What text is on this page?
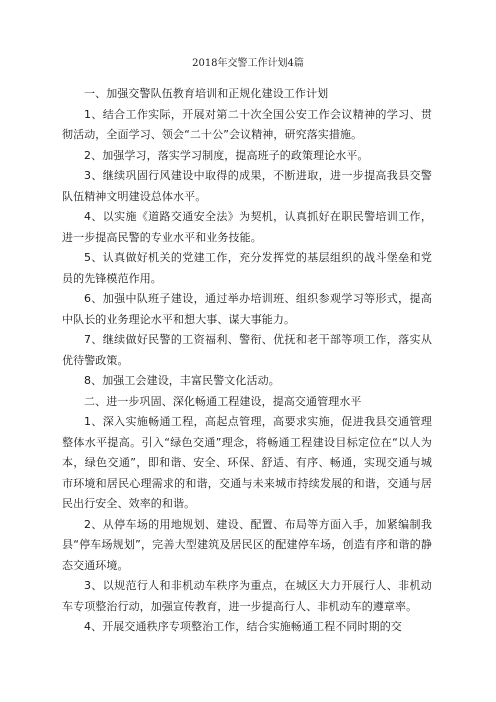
2018年交警工作计划4篇

一、加强交警队伍教育培训和正规化建设工作计划

1、结合工作实际，开展对第二十次全国公安工作会议精神的学习、贯彻活动，全面学习、领会“二十公”会议精神，研究落实措施。

2、加强学习，落实学习制度，提高班子的政策理论水平。

3、继续巩固行风建设中取得的成果，不断进取，进一步提高我县交警队伍精神文明建设总体水平。

4、以实施《道路交通安全法》为契机，认真抓好在职民警培训工作，进一步提高民警的专业水平和业务技能。

5、认真做好机关的党建工作，充分发挥党的基层组织的战斗堡垒和党员的先锋模范作用。

6、加强中队班子建设，通过举办培训班、组织参观学习等形式，提高中队长的业务理论水平和想大事、谋大事能力。

7、继续做好民警的工资福利、警衔、优抚和老干部等项工作，落实从优待警政策。

8、加强工会建设，丰富民警文化活动。

二、进一步巩固、深化畅通工程建设，提高交通管理水平

1、深入实施畅通工程，高起点管理，高要求实施，促进我县交通管理整体水平提高。引入“绿色交通”理念，将畅通工程建设目标定位在“以人为本，绿色交通”，即和谐、安全、环保、舒适、有序、畅通，实现交通与城市环境和居民心理需求的和谐，交通与未来城市持续发展的和谐，交通与居民出行安全、效率的和谐。

2、从停车场的用地规划、建设、配置、布局等方面入手，加紧编制我县“停车场规划”，完善大型建筑及居民区的配建停车场，创造有序和谐的静态交通环境。

3、以规范行人和非机动车秩序为重点，在城区大力开展行人、非机动车专项整治行动，加强宣传教育，进一步提高行人、非机动车的遵章率。

4、开展交通秩序专项整治工作，结合实施畅通工程不同时期的交
